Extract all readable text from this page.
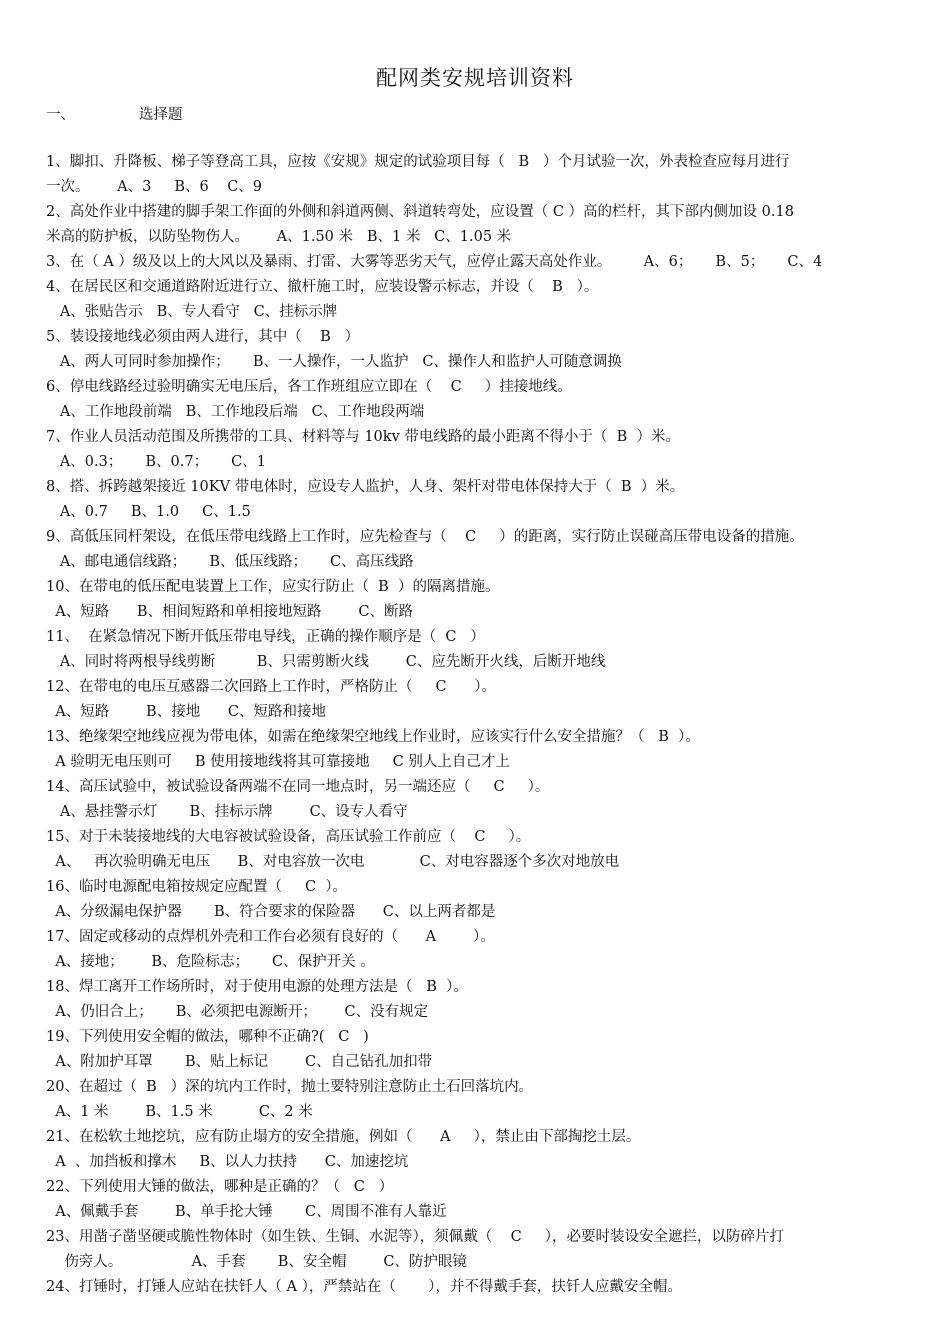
配网类安规培训资料
一、	选择题
1、脚扣、升降板、梯子等登高工具，应按《安规》规定的试验项目每（   B   ）个月试验一次，外表检查应每月进行
一次。      A、3     B、6    C、9
2、高处作业中搭建的脚手架工作面的外侧和斜道两侧、斜道转弯处，应设置（ C ）高的栏杆，其下部内侧加设 0.18
米高的防护板，以防坠物伤人。      A、1.50 米   B、1 米   C、1.05 米
3、在（ A ）级及以上的大风以及暴雨、打雷、大雾等恶劣天气，应停止露天高处作业。       A、6；     B、5；     C、4
4、在居民区和交通道路附近进行立、撤杆施工时，应装设警示标志，并设（    B   ）。
A、张贴告示   B、专人看守   C、挂标示牌
5、装设接地线必须由两人进行，其中（    B   ）
A、两人可同时参加操作；     B、一人操作，一人监护   C、操作人和监护人可随意调换
6、停电线路经过验明确实无电压后，各工作班组应立即在（    C     ）挂接地线。
A、工作地段前端   B、工作地段后端   C、工作地段两端
7、作业人员活动范围及所携带的工具、材料等与 10kv 带电线路的最小距离不得小于（  B  ）米。
A、0.3；     B、0.7；     C、1
8、搭、拆跨越架接近 10KV 带电体时，应设专人监护，人身、架杆对带电体保持大于（  B  ）米。
A、0.7     B、1.0     C、1.5
9、高低压同杆架设，在低压带电线路上工作时，应先检查与（    C     ）的距离，实行防止误碰高压带电设备的措施。
A、邮电通信线路；     B、低压线路；     C、高压线路
10、在带电的低压配电装置上工作，应实行防止（  B  ）的隔离措施。
A、短路      B、相间短路和单相接地短路        C、断路
11、  在紧急情况下断开低压带电导线，正确的操作顺序是（  C   ）
A、同时将两根导线剪断         B、只需剪断火线        C、应先断开火线，后断开地线
12、在带电的电压互感器二次回路上工作时，严格防止（     C      ）。
A、短路        B、接地      C、短路和接地
13、绝缘架空地线应视为带电体，如需在绝缘架空地线上作业时，应该实行什么安全措施？（   B  ）。
A 验明无电压则可     B 使用接地线将其可靠接地     C 别人上自己才上
14、高压试验中，被试验设备两端不在同一地点时，另一端还应（     C     ）。
A、悬挂警示灯       B、挂标示牌        C、设专人看守
15、对于未装接地线的大电容被试验设备，高压试验工作前应（    C     ）。
A、   再次验明确无电压      B、对电容放一次电            C、对电容器逐个多次对地放电
16、临时电源配电箱按规定应配置（     C  ）。
A、分级漏电保护器       B、符合要求的保险器      C、以上两者都是
17、固定或移动的点焊机外壳和工作台必须有良好的（      A        ）。
A、接地；      B、危险标志；     C、保护开关 。
18、焊工离开工作场所时，对于使用电源的处理方法是（   B  ）。
A、仍旧合上；     B、必须把电源断开；      C、没有规定
19、下列使用安全帽的做法，哪种不正确?(   C   )
A、附加护耳罩       B、贴上标记        C、自己钻孔加扣带
20、在超过（  B   ）深的坑内工作时，抛土要特别注意防止土石回落坑内。
A、1 米        B、1.5 米          C、2 米
21、在松软土地挖坑，应有防止塌方的安全措施，例如（      A     ），禁止由下部掏挖土层。
A  、加挡板和撑木     B、以人力扶持      C、加速挖坑
22、下列使用大锤的做法，哪种是正确的？（   C   ）
A、佩戴手套        B、单手抡大锤       C、周围不准有人靠近
23、用凿子凿坚硬或脆性物体时（如生铁、生铜、水泥等），须佩戴（    C     ），必要时装设安全遮拦，以防碎片打
伤旁人。               A、手套       B、安全帽        C、防护眼镜
24、打锤时，打锤人应站在扶钎人（ A ），严禁站在（       ），并不得戴手套，扶钎人应戴安全帽。
